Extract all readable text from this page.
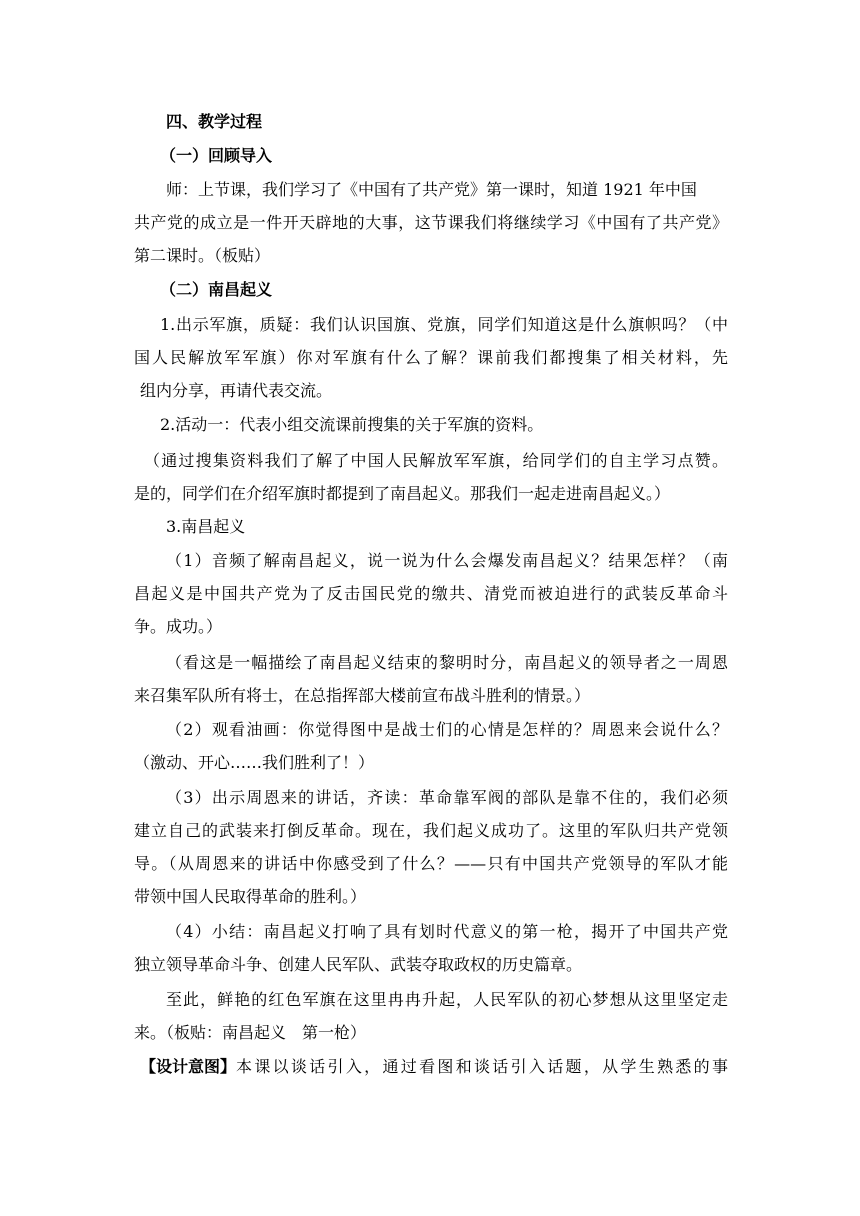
四、教学过程
（一）回顾导入
师：上节课，我们学习了《中国有了共产党》第一课时，知道 1921 年中国
共产党的成立是一件开天辟地的大事，这节课我们将继续学习《中国有了共产党》
第二课时。（板贴）
（二）南昌起义
1.出示军旗，质疑：我们认识国旗、党旗，同学们知道这是什么旗帜吗？（中
国人民解放军军旗）你对军旗有什么了解？课前我们都搜集了相关材料，先
组内分享，再请代表交流。
2.活动一：代表小组交流课前搜集的关于军旗的资料。
（通过搜集资料我们了解了中国人民解放军军旗，给同学们的自主学习点赞。
是的，同学们在介绍军旗时都提到了南昌起义。那我们一起走进南昌起义。）
3.南昌起义
（1）音频了解南昌起义，说一说为什么会爆发南昌起义？结果怎样？（南
昌起义是中国共产党为了反击国民党的缴共、清党而被迫进行的武装反革命斗
争。成功。）
（看这是一幅描绘了南昌起义结束的黎明时分，南昌起义的领导者之一周恩
来召集军队所有将士，在总指挥部大楼前宣布战斗胜利的情景。）
（2）观看油画：你觉得图中是战士们的心情是怎样的？周恩来会说什么？
（激动、开心……我们胜利了！）
（3）出示周恩来的讲话，齐读：革命靠军阀的部队是靠不住的，我们必须
建立自己的武装来打倒反革命。现在，我们起义成功了。这里的军队归共产党领
导。（从周恩来的讲话中你感受到了什么？——只有中国共产党领导的军队才能
带领中国人民取得革命的胜利。）
（4）小结：南昌起义打响了具有划时代意义的第一枪，揭开了中国共产党
独立领导革命斗争、创建人民军队、武装夺取政权的历史篇章。
至此，鲜艳的红色军旗在这里冉冉升起，人民军队的初心梦想从这里坚定走
来。（板贴：南昌起义　第一枪）
【设计意图】 本课以谈话引入，通过看图和谈话引入话题，从学生熟悉的事
